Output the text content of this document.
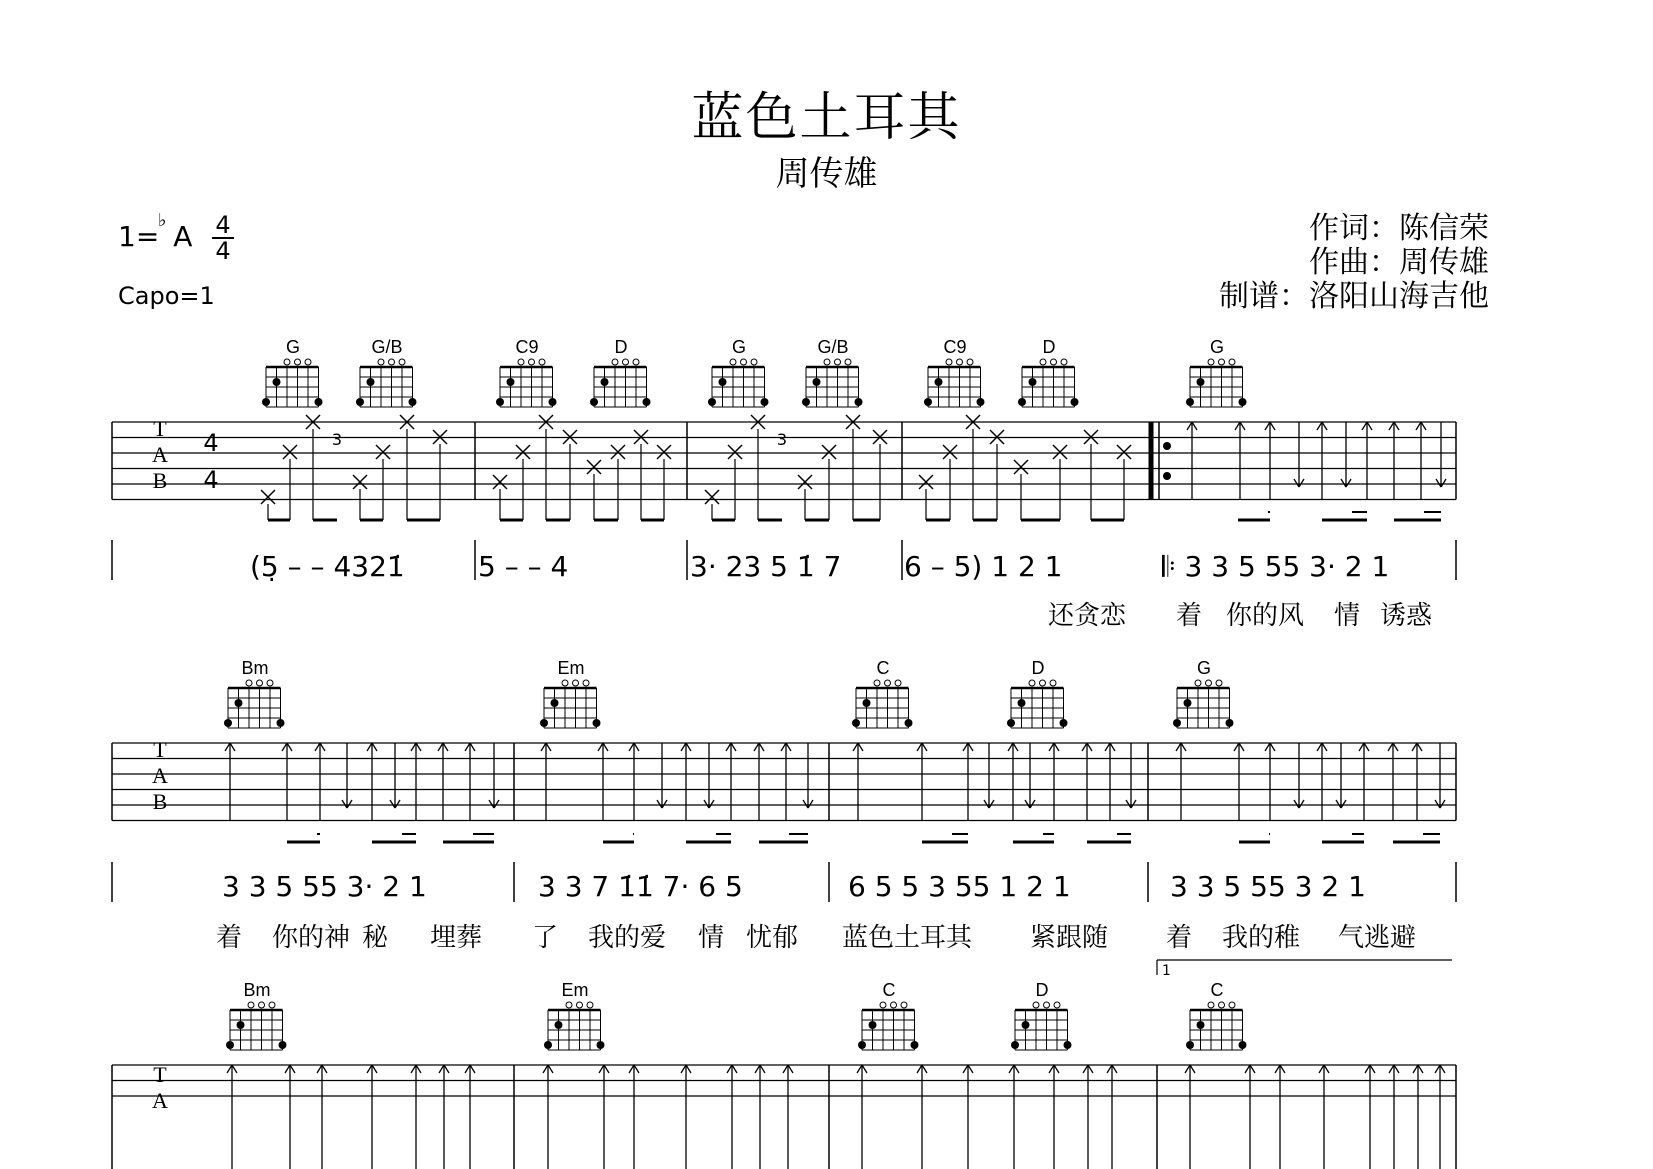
蓝色土耳其
周传雄
作词：陈信荣
作曲：周传雄
制谱：洛阳山海吉他
1=
♭ A 4
4
Capo=1
G	G/B	C9	D	G	G/B	C9	D	G
T
A
B
4
4
3	3
(5̣ – – 4321̇	5 – – 4	3· 23 5 1̇ 7 6 – 5) 1 2 1	𝄆 3 3 5 55 3· 2 1
还贪恋 着 你的风 情 诱惑
Bm	Em	C	D	G
T
A
B
3 3 5 55 3· 2 1	3 3 7 1̇1̇ 7· 6 5	6 5 5 3 55 1 2 1	3 3 5 55 3 2 1
着 你的神 秘 埋葬 了 我的爱 情 忧郁 蓝色土耳其 紧跟随 着 我的稚 气逃避
1
Bm	Em	C	D	C
T
A
